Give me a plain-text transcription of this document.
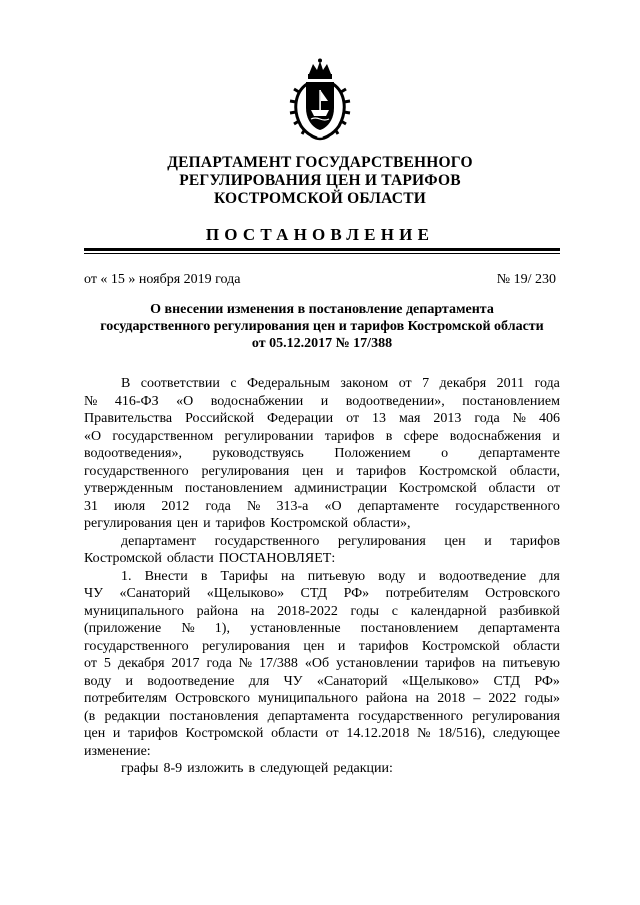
ДЕПАРТАМЕНТ ГОСУДАРСТВЕННОГО
РЕГУЛИРОВАНИЯ ЦЕН И ТАРИФОВ
КОСТРОМСКОЙ ОБЛАСТИ
ПОСТАНОВЛЕНИЕ
от « 15 » ноября 2019 года	№ 19/ 230
О внесении изменения в постановление департамента
государственного регулирования цен и тарифов Костромской области
от 05.12.2017 № 17/388
В соответствии с Федеральным законом от 7 декабря 2011 года
№ 416-ФЗ «О водоснабжении и водоотведении», постановлением
Правительства Российской Федерации от 13 мая 2013 года № 406
«О государственном регулировании тарифов в сфере водоснабжения и
водоотведения», руководствуясь Положением о департаменте
государственного регулирования цен и тарифов Костромской области,
утвержденным постановлением администрации Костромской области от
31 июля 2012 года № 313-а «О департаменте государственного
регулирования цен и тарифов Костромской области»,
департамент государственного регулирования цен и тарифов
Костромской области ПОСТАНОВЛЯЕТ:
1. Внести в Тарифы на питьевую воду и водоотведение для
ЧУ «Санаторий «Щелыково» СТД РФ» потребителям Островского
муниципального района на 2018-2022 годы с календарной разбивкой
(приложение № 1), установленные постановлением департамента
государственного регулирования цен и тарифов Костромской области
от 5 декабря 2017 года № 17/388 «Об установлении тарифов на питьевую
воду и водоотведение для ЧУ «Санаторий «Щелыково» СТД РФ»
потребителям Островского муниципального района на 2018 – 2022 годы»
(в редакции постановления департамента государственного регулирования
цен и тарифов Костромской области от 14.12.2018 № 18/516), следующее
изменение:
графы 8-9 изложить в следующей редакции:
